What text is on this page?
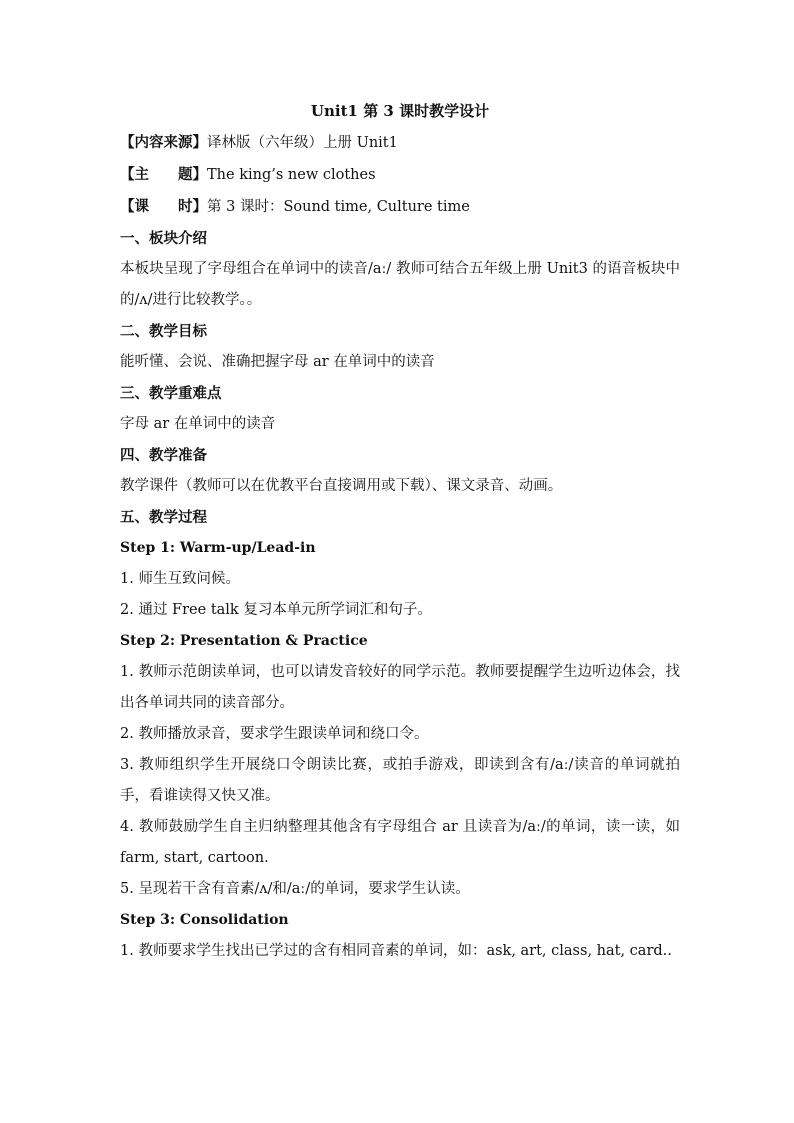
Unit1 第 3 课时教学设计

【内容来源】译林版（六年级）上册 Unit1

【主　　题】The king’s new clothes

【课　　时】第 3 课时：Sound time, Culture time

一、板块介绍

本板块呈现了字母组合在单词中的读音/aː/ 教师可结合五年级上册 Unit3 的语音板块中的/ʌ/进行比较教学。。

二、教学目标

能听懂、会说、准确把握字母 ar 在单词中的读音

三、教学重难点

字母 ar 在单词中的读音

四、教学准备

教学课件（教师可以在优教平台直接调用或下载）、课文录音、动画。

五、教学过程

Step 1: Warm-up/Lead-in

1. 师生互致问候。

2. 通过 Free talk 复习本单元所学词汇和句子。

Step 2: Presentation & Practice

1. 教师示范朗读单词，也可以请发音较好的同学示范。教师要提醒学生边听边体会，找出各单词共同的读音部分。

2. 教师播放录音，要求学生跟读单词和绕口令。

3. 教师组织学生开展绕口令朗读比赛，或拍手游戏，即读到含有/aː/读音的单词就拍手，看谁读得又快又准。

4. 教师鼓励学生自主归纳整理其他含有字母组合 ar 且读音为/aː/的单词，读一读，如 farm, start, cartoon.

5. 呈现若干含有音素/ʌ/和/aː/的单词，要求学生认读。

Step 3: Consolidation

1. 教师要求学生找出已学过的含有相同音素的单词，如：ask, art, class, hat, card..
